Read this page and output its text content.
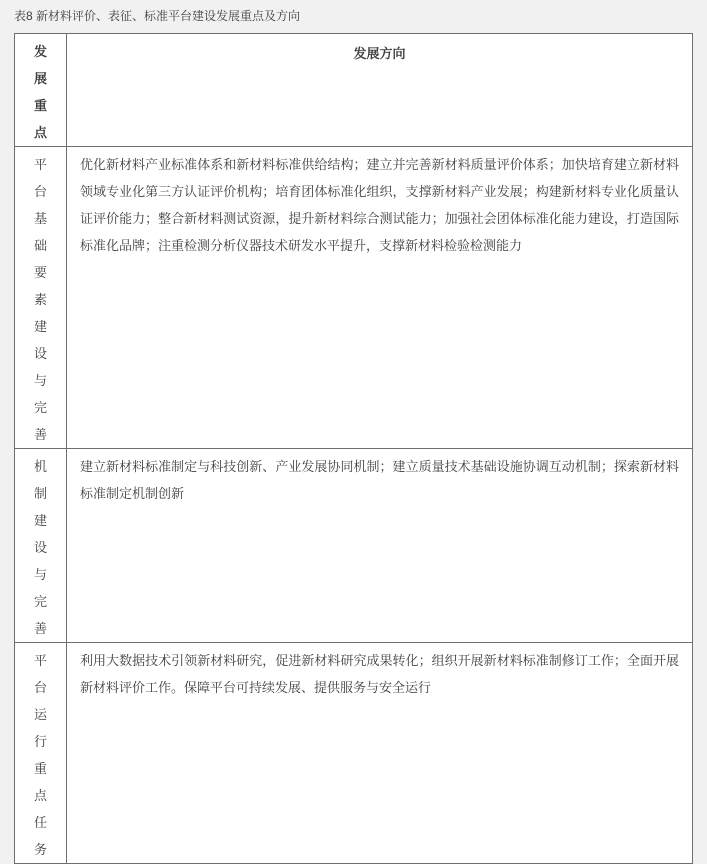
表8 新材料评价、表征、标准平台建设发展重点及方向

发展重点	发展方向

平台基础要素建设与完善	优化新材料产业标准体系和新材料标准供给结构；建立并完善新材料质量评价体系；加快培育建立新材料领域专业化第三方认证评价机构；培育团体标准化组织，支撑新材料产业发展；构建新材料专业化质量认证评价能力；整合新材料测试资源，提升新材料综合测试能力；加强社会团体标准化能力建设，打造国际标准化品牌；注重检测分析仪器技术研发水平提升，支撑新材料检验检测能力

机制建设与完善	建立新材料标准制定与科技创新、产业发展协同机制；建立质量技术基础设施协调互动机制；探索新材料标准制定机制创新

平台运行重点任务	利用大数据技术引领新材料研究，促进新材料研究成果转化；组织开展新材料标准制修订工作；全面开展新材料评价工作。保障平台可持续发展、提供服务与安全运行
